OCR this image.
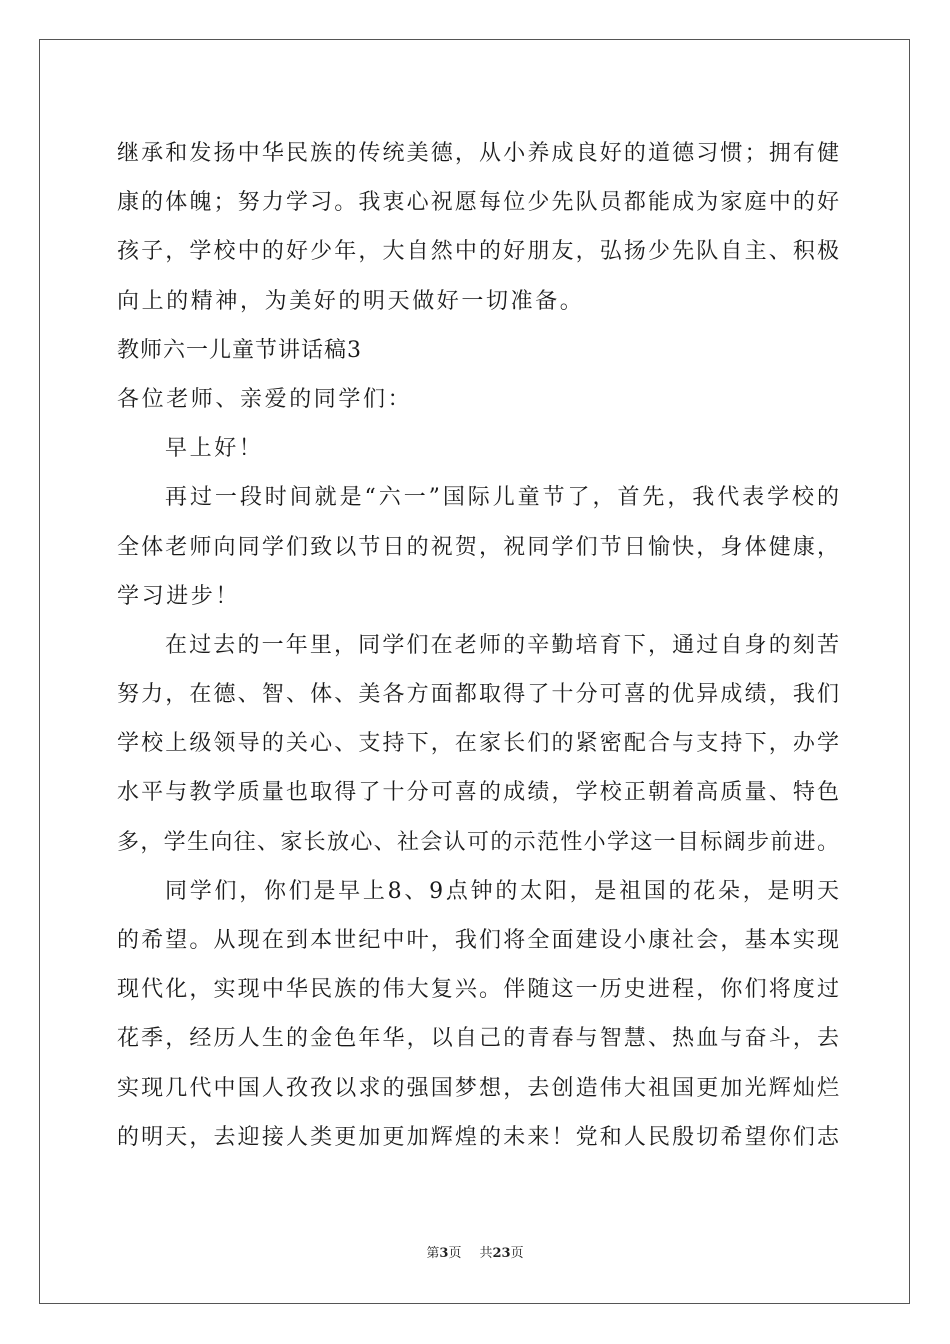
继承和发扬中华民族的传统美德，从小养成良好的道德习惯；拥有健
康的体魄；努力学习。我衷心祝愿每位少先队员都能成为家庭中的好
孩子，学校中的好少年，大自然中的好朋友，弘扬少先队自主、积极
向上的精神，为美好的明天做好一切准备。
教师六一儿童节讲话稿3
各位老师、亲爱的同学们：
早上好！
再过一段时间就是“六一”国际儿童节了，首先，我代表学校的
全体老师向同学们致以节日的祝贺，祝同学们节日愉快，身体健康，
学习进步！
在过去的一年里，同学们在老师的辛勤培育下，通过自身的刻苦
努力，在德、智、体、美各方面都取得了十分可喜的优异成绩，我们
学校上级领导的关心、支持下，在家长们的紧密配合与支持下，办学
水平与教学质量也取得了十分可喜的成绩，学校正朝着高质量、特色
多，学生向往、家长放心、社会认可的示范性小学这一目标阔步前进。
同学们，你们是早上8、9点钟的太阳，是祖国的花朵，是明天
的希望。从现在到本世纪中叶，我们将全面建设小康社会，基本实现
现代化，实现中华民族的伟大复兴。伴随这一历史进程，你们将度过
花季，经历人生的金色年华，以自己的青春与智慧、热血与奋斗，去
实现几代中国人孜孜以求的强国梦想，去创造伟大祖国更加光辉灿烂
的明天，去迎接人类更加更加辉煌的未来！党和人民殷切希望你们志
第3页 共23页
